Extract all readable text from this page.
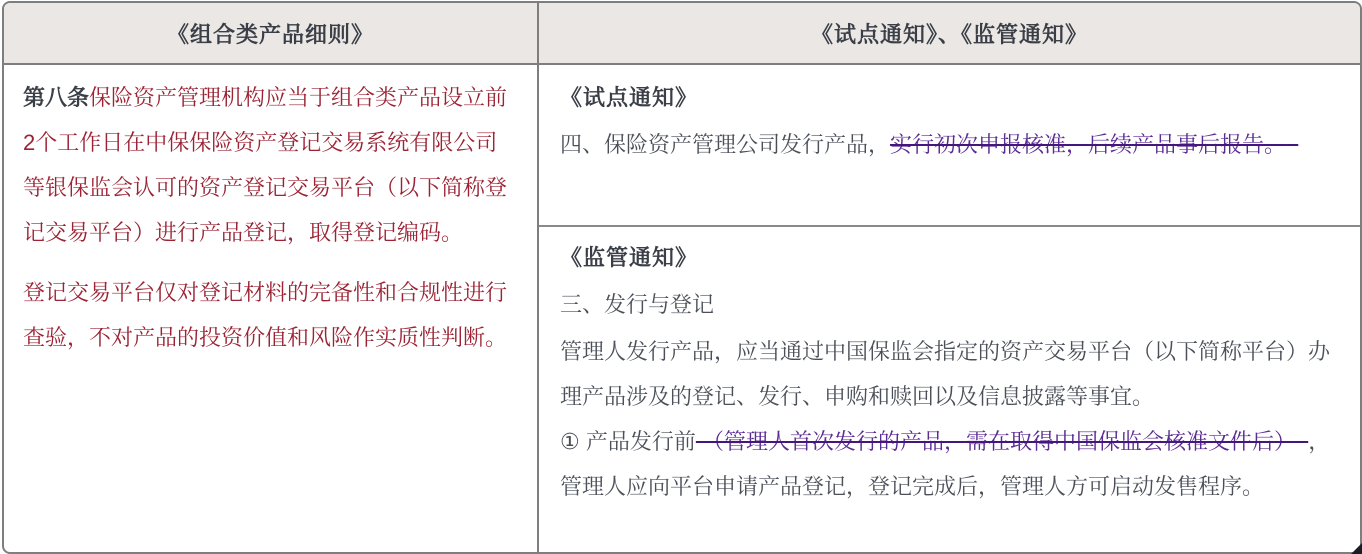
《组合类产品细则》	《试点通知》、《监管通知》

第八条保险资产管理机构应当于组合类产品设立前2个工作日在中保保险资产登记交易系统有限公司等银保监会认可的资产登记交易平台（以下简称登记交易平台）进行产品登记，取得登记编码。

登记交易平台仅对登记材料的完备性和合规性进行查验，不对产品的投资价值和风险作实质性判断。

《试点通知》

四、保险资产管理公司发行产品，实行初次申报核准，后续产品事后报告。

《监管通知》

三、发行与登记

管理人发行产品，应当通过中国保监会指定的资产交易平台（以下简称平台）办理产品涉及的登记、发行、申购和赎回以及信息披露等事宜。

① 产品发行前 （管理人首次发行的产品，需在取得中国保监会核准文件后） ，管理人应向平台申请产品登记，登记完成后，管理人方可启动发售程序。
